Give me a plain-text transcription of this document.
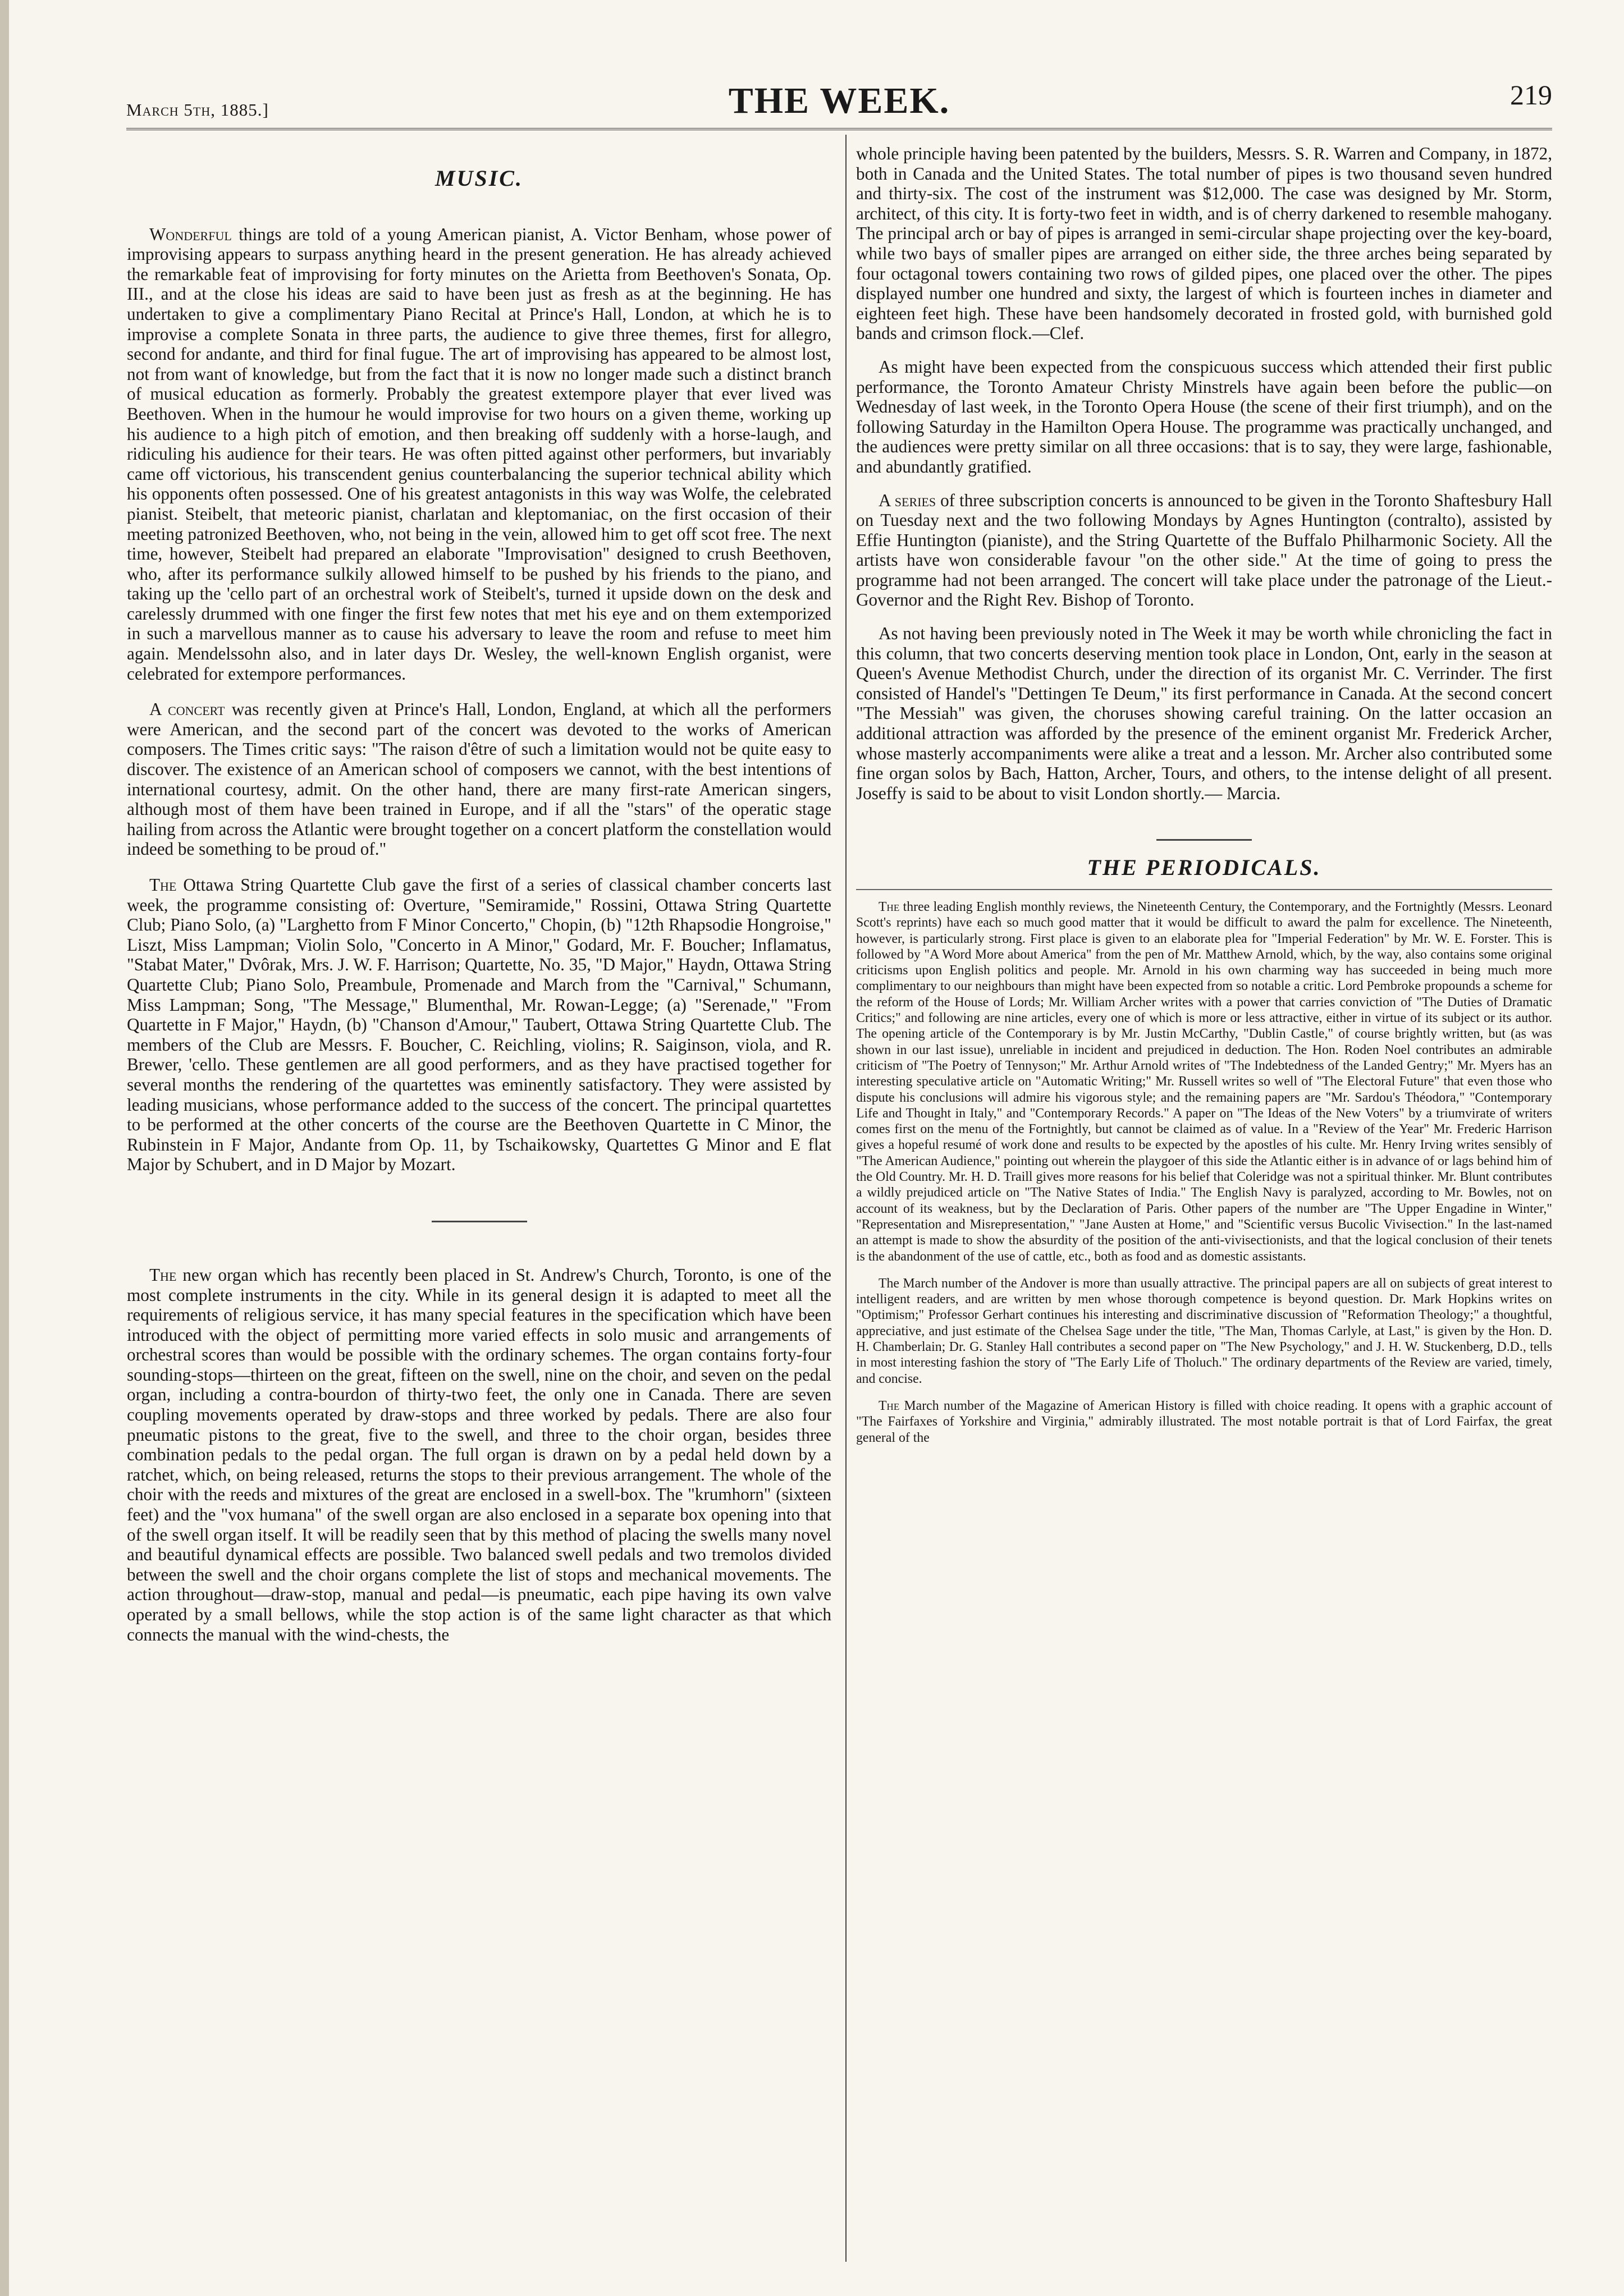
March 5th, 1885.]	THE WEEK.	219
MUSIC.

Wonderful things are told of a young American pianist, A. Victor Benham, whose power of improvising appears to surpass anything heard in the present generation. He has already achieved the remarkable feat of improvising for forty minutes on the Arietta from Beethoven's Sonata, Op. III., and at the close his ideas are said to have been just as fresh as at the beginning. He has undertaken to give a complimentary Piano Recital at Prince's Hall, London, at which he is to improvise a complete Sonata in three parts, the audience to give three themes, first for allegro, second for andante, and third for final fugue. The art of improvising has appeared to be almost lost, not from want of knowledge, but from the fact that it is now no longer made such a distinct branch of musical education as formerly. Probably the greatest extempore player that ever lived was Beethoven. When in the humour he would improvise for two hours on a given theme, working up his audience to a high pitch of emotion, and then breaking off suddenly with a horse-laugh, and ridiculing his audience for their tears. He was often pitted against other performers, but invariably came off victorious, his transcendent genius counterbalancing the superior technical ability which his opponents often possessed. One of his greatest antagonists in this way was Wolfe, the celebrated pianist. Steibelt, that meteoric pianist, charlatan and kleptomaniac, on the first occasion of their meeting patronized Beethoven, who, not being in the vein, allowed him to get off scot free. The next time, however, Steibelt had prepared an elaborate "Improvisation" designed to crush Beethoven, who, after its performance sulkily allowed himself to be pushed by his friends to the piano, and taking up the 'cello part of an orchestral work of Steibelt's, turned it upside down on the desk and carelessly drummed with one finger the first few notes that met his eye and on them extemporized in such a marvellous manner as to cause his adversary to leave the room and refuse to meet him again. Mendelssohn also, and in later days Dr. Wesley, the well-known English organist, were celebrated for extempore performances.

A concert was recently given at Prince's Hall, London, England, at which all the performers were American, and the second part of the concert was devoted to the works of American composers. The Times critic says: "The raison d'être of such a limitation would not be quite easy to discover. The existence of an American school of composers we cannot, with the best intentions of international courtesy, admit. On the other hand, there are many first-rate American singers, although most of them have been trained in Europe, and if all the "stars" of the operatic stage hailing from across the Atlantic were brought together on a concert platform the constellation would indeed be something to be proud of."

The Ottawa String Quartette Club gave the first of a series of classical chamber concerts last week, the programme consisting of: Overture, "Semiramide," Rossini, Ottawa String Quartette Club; Piano Solo, (a) "Larghetto from F Minor Concerto," Chopin, (b) "12th Rhapsodie Hongroise," Liszt, Miss Lampman; Violin Solo, "Concerto in A Minor," Godard, Mr. F. Boucher; Inflamatus, "Stabat Mater," Dvôrak, Mrs. J. W. F. Harrison; Quartette, No. 35, "D Major," Haydn, Ottawa String Quartette Club; Piano Solo, Preambule, Promenade and March from the "Carnival," Schumann, Miss Lampman; Song, "The Message," Blumenthal, Mr. Rowan-Legge; (a) "Serenade," "From Quartette in F Major," Haydn, (b) "Chanson d'Amour," Taubert, Ottawa String Quartette Club. The members of the Club are Messrs. F. Boucher, C. Reichling, violins; R. Saiginson, viola, and R. Brewer, 'cello. These gentlemen are all good performers, and as they have practised together for several months the rendering of the quartettes was eminently satisfactory. They were assisted by leading musicians, whose performance added to the success of the concert. The principal quartettes to be performed at the other concerts of the course are the Beethoven Quartette in C Minor, the Rubinstein in F Major, Andante from Op. 11, by Tschaikowsky, Quartettes G Minor and E flat Major by Schubert, and in D Major by Mozart.

The new organ which has recently been placed in St. Andrew's Church, Toronto, is one of the most complete instruments in the city. While in its general design it is adapted to meet all the requirements of religious service, it has many special features in the specification which have been introduced with the object of permitting more varied effects in solo music and arrangements of orchestral scores than would be possible with the ordinary schemes. The organ contains forty-four sounding-stops—thirteen on the great, fifteen on the swell, nine on the choir, and seven on the pedal organ, including a contra-bourdon of thirty-two feet, the only one in Canada. There are seven coupling movements operated by draw-stops and three worked by pedals. There are also four pneumatic pistons to the great, five to the swell, and three to the choir organ, besides three combination pedals to the pedal organ. The full organ is drawn on by a pedal held down by a ratchet, which, on being released, returns the stops to their previous arrangement. The whole of the choir with the reeds and mixtures of the great are enclosed in a swell-box. The "krumhorn" (sixteen feet) and the "vox humana" of the swell organ are also enclosed in a separate box opening into that of the swell organ itself. It will be readily seen that by this method of placing the swells many novel and beautiful dynamical effects are possible. Two balanced swell pedals and two tremolos divided between the swell and the choir organs complete the list of stops and mechanical movements. The action throughout—draw-stop, manual and pedal—is pneumatic, each pipe having its own valve operated by a small bellows, while the stop action is of the same light character as that which connects the manual with the wind-chests, the

whole principle having been patented by the builders, Messrs. S. R. Warren and Company, in 1872, both in Canada and the United States. The total number of pipes is two thousand seven hundred and thirty-six. The cost of the instrument was $12,000. The case was designed by Mr. Storm, architect, of this city. It is forty-two feet in width, and is of cherry darkened to resemble mahogany. The principal arch or bay of pipes is arranged in semi-circular shape projecting over the key-board, while two bays of smaller pipes are arranged on either side, the three arches being separated by four octagonal towers containing two rows of gilded pipes, one placed over the other. The pipes displayed number one hundred and sixty, the largest of which is fourteen inches in diameter and eighteen feet high. These have been handsomely decorated in frosted gold, with burnished gold bands and crimson flock.—Clef.

As might have been expected from the conspicuous success which attended their first public performance, the Toronto Amateur Christy Minstrels have again been before the public—on Wednesday of last week, in the Toronto Opera House (the scene of their first triumph), and on the following Saturday in the Hamilton Opera House. The programme was practically unchanged, and the audiences were pretty similar on all three occasions: that is to say, they were large, fashionable, and abundantly gratified.

A series of three subscription concerts is announced to be given in the Toronto Shaftesbury Hall on Tuesday next and the two following Mondays by Agnes Huntington (contralto), assisted by Effie Huntington (pianiste), and the String Quartette of the Buffalo Philharmonic Society. All the artists have won considerable favour "on the other side." At the time of going to press the programme had not been arranged. The concert will take place under the patronage of the Lieut.-Governor and the Right Rev. Bishop of Toronto.

As not having been previously noted in The Week it may be worth while chronicling the fact in this column, that two concerts deserving mention took place in London, Ont, early in the season at Queen's Avenue Methodist Church, under the direction of its organist Mr. C. Verrinder. The first consisted of Handel's "Dettingen Te Deum," its first performance in Canada. At the second concert "The Messiah" was given, the choruses showing careful training. On the latter occasion an additional attraction was afforded by the presence of the eminent organist Mr. Frederick Archer, whose masterly accompaniments were alike a treat and a lesson. Mr. Archer also contributed some fine organ solos by Bach, Hatton, Archer, Tours, and others, to the intense delight of all present. Joseffy is said to be about to visit London shortly.— Marcia.

THE PERIODICALS.

The three leading English monthly reviews, the Nineteenth Century, the Contemporary, and the Fortnightly (Messrs. Leonard Scott's reprints) have each so much good matter that it would be difficult to award the palm for excellence. The Nineteenth, however, is particularly strong. First place is given to an elaborate plea for "Imperial Federation" by Mr. W. E. Forster. This is followed by "A Word More about America" from the pen of Mr. Matthew Arnold, which, by the way, also contains some original criticisms upon English politics and people. Mr. Arnold in his own charming way has succeeded in being much more complimentary to our neighbours than might have been expected from so notable a critic. Lord Pembroke propounds a scheme for the reform of the House of Lords; Mr. William Archer writes with a power that carries conviction of "The Duties of Dramatic Critics;" and following are nine articles, every one of which is more or less attractive, either in virtue of its subject or its author. The opening article of the Contemporary is by Mr. Justin McCarthy, "Dublin Castle," of course brightly written, but (as was shown in our last issue), unreliable in incident and prejudiced in deduction. The Hon. Roden Noel contributes an admirable criticism of "The Poetry of Tennyson;" Mr. Arthur Arnold writes of "The Indebtedness of the Landed Gentry;" Mr. Myers has an interesting speculative article on "Automatic Writing;" Mr. Russell writes so well of "The Electoral Future" that even those who dispute his conclusions will admire his vigorous style; and the remaining papers are "Mr. Sardou's Théodora," "Contemporary Life and Thought in Italy," and "Contemporary Records." A paper on "The Ideas of the New Voters" by a triumvirate of writers comes first on the menu of the Fortnightly, but cannot be claimed as of value. In a "Review of the Year" Mr. Frederic Harrison gives a hopeful resumé of work done and results to be expected by the apostles of his culte. Mr. Henry Irving writes sensibly of "The American Audience," pointing out wherein the playgoer of this side the Atlantic either is in advance of or lags behind him of the Old Country. Mr. H. D. Traill gives more reasons for his belief that Coleridge was not a spiritual thinker. Mr. Blunt contributes a wildly prejudiced article on "The Native States of India." The English Navy is paralyzed, according to Mr. Bowles, not on account of its weakness, but by the Declaration of Paris. Other papers of the number are "The Upper Engadine in Winter," "Representation and Misrepresentation," "Jane Austen at Home," and "Scientific versus Bucolic Vivisection." In the last-named an attempt is made to show the absurdity of the position of the anti-vivisectionists, and that the logical conclusion of their tenets is the abandonment of the use of cattle, etc., both as food and as domestic assistants.

The March number of the Andover is more than usually attractive. The principal papers are all on subjects of great interest to intelligent readers, and are written by men whose thorough competence is beyond question. Dr. Mark Hopkins writes on "Optimism;" Professor Gerhart continues his interesting and discriminative discussion of "Reformation Theology;" a thoughtful, appreciative, and just estimate of the Chelsea Sage under the title, "The Man, Thomas Carlyle, at Last," is given by the Hon. D. H. Chamberlain; Dr. G. Stanley Hall contributes a second paper on "The New Psychology," and J. H. W. Stuckenberg, D.D., tells in most interesting fashion the story of "The Early Life of Tholuch." The ordinary departments of the Review are varied, timely, and concise.

The March number of the Magazine of American History is filled with choice reading. It opens with a graphic account of "The Fairfaxes of Yorkshire and Virginia," admirably illustrated. The most notable portrait is that of Lord Fairfax, the great general of the
